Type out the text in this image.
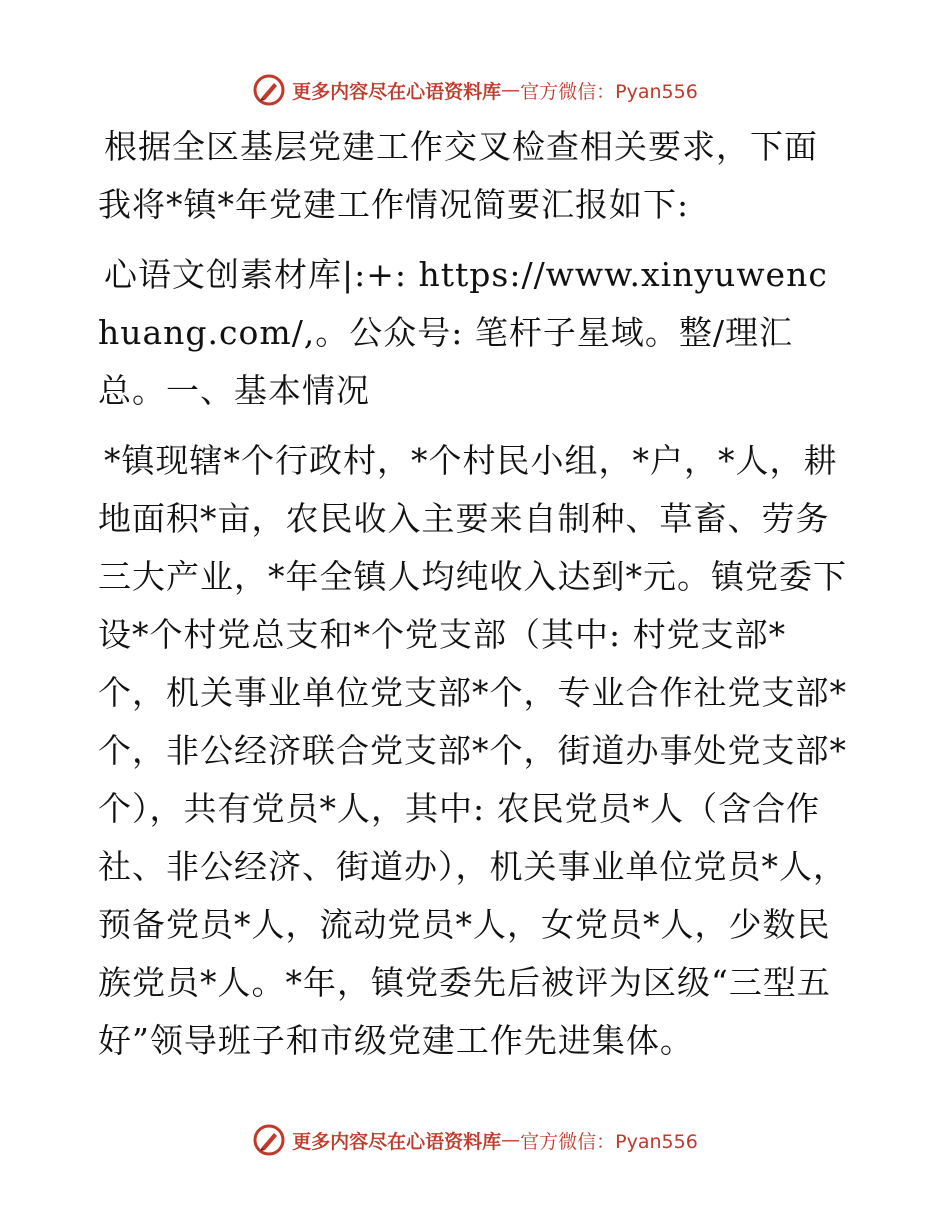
更多内容尽在心语资料库 — 官方微信：Pyan556

根据全区基层党建工作交叉检查相关要求，下面我将*镇*年党建工作情况简要汇报如下:

心语文创素材库|:+: https://www.xinyuwenchuang.com/,。公众号: 笔杆子星域。整/理汇总。一、基本情况

*镇现辖*个行政村，*个村民小组，*户，*人，耕地面积*亩，农民收入主要来自制种、草畜、劳务三大产业，*年全镇人均纯收入达到*元。镇党委下设*个村党总支和*个党支部（其中: 村党支部*个，机关事业单位党支部*个，专业合作社党支部*个，非公经济联合党支部*个，街道办事处党支部*个），共有党员*人，其中: 农民党员*人（含合作社、非公经济、街道办），机关事业单位党员*人，预备党员*人，流动党员*人，女党员*人，少数民族党员*人。*年，镇党委先后被评为区级“三型五好”领导班子和市级党建工作先进集体。

更多内容尽在心语资料库 — 官方微信：Pyan556
